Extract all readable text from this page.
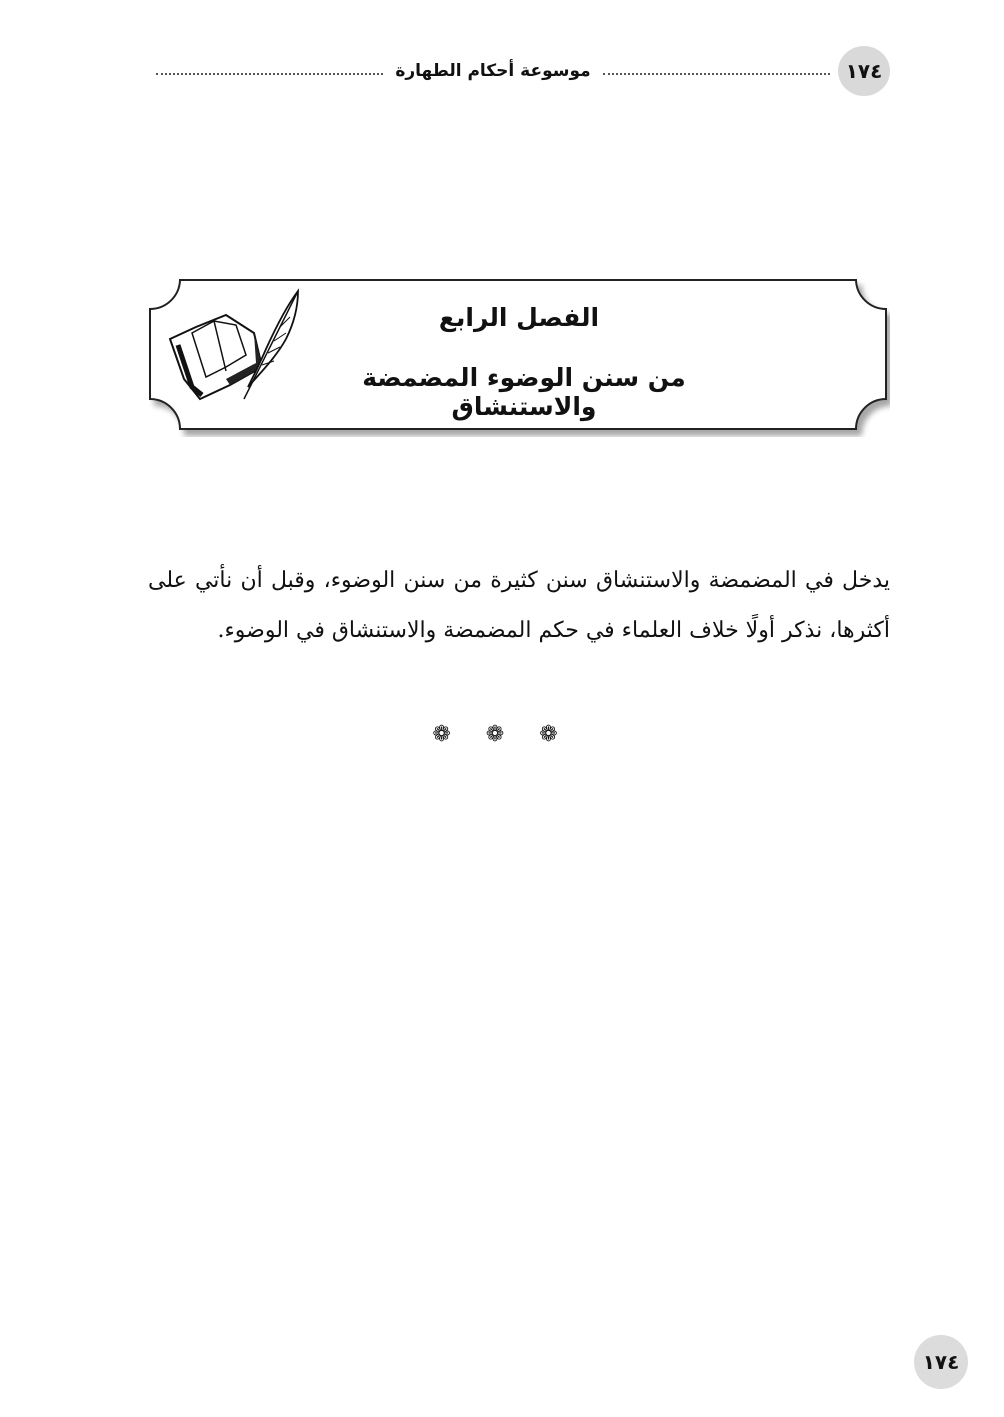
١٧٤
موسوعة أحكام الطهارة
الفصل الرابع
من سنن الوضوء المضمضة والاستنشاق
يدخل في المضمضة والاستنشاق سنن كثيرة من سنن الوضوء، وقبل أن نأتي على أكثرها، نذكر أولًا خلاف العلماء في حكم المضمضة والاستنشاق في الوضوء.
❁ ❁ ❁
١٧٤
